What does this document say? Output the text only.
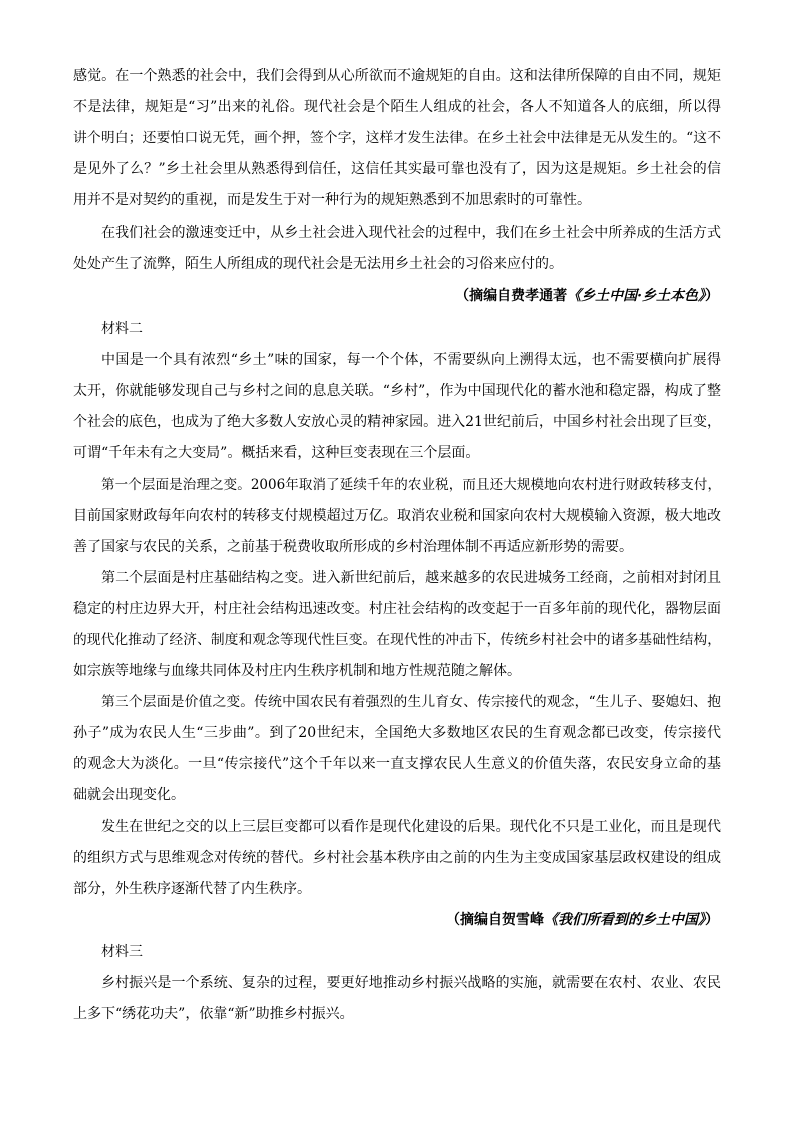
感觉。在一个熟悉的社会中，我们会得到从心所欲而不逾规矩的自由。这和法律所保障的自由不同，规矩
不是法律，规矩是“习”出来的礼俗。现代社会是个陌生人组成的社会，各人不知道各人的底细，所以得
讲个明白；还要怕口说无凭，画个押，签个字，这样才发生法律。在乡土社会中法律是无从发生的。“这不
是见外了么？”乡土社会里从熟悉得到信任，这信任其实最可靠也没有了，因为这是规矩。乡土社会的信
用并不是对契约的重视，而是发生于对一种行为的规矩熟悉到不加思索时的可靠性。
在我们社会的激速变迁中，从乡土社会进入现代社会的过程中，我们在乡土社会中所养成的生活方式
处处产生了流弊，陌生人所组成的现代社会是无法用乡土社会的习俗来应付的。
（摘编自费孝通著《乡土中国·乡土本色》）
材料二
中国是一个具有浓烈“乡土”味的国家，每一个个体，不需要纵向上溯得太远，也不需要横向扩展得
太开，你就能够发现自己与乡村之间的息息关联。“乡村”，作为中国现代化的蓄水池和稳定器，构成了整
个社会的底色，也成为了绝大多数人安放心灵的精神家园。进入21世纪前后，中国乡村社会出现了巨变，
可谓“千年未有之大变局”。概括来看，这种巨变表现在三个层面。
第一个层面是治理之变。2006年取消了延续千年的农业税，而且还大规模地向农村进行财政转移支付，
目前国家财政每年向农村的转移支付规模超过万亿。取消农业税和国家向农村大规模输入资源，极大地改
善了国家与农民的关系，之前基于税费收取所形成的乡村治理体制不再适应新形势的需要。
第二个层面是村庄基础结构之变。进入新世纪前后，越来越多的农民进城务工经商，之前相对封闭且
稳定的村庄边界大开，村庄社会结构迅速改变。村庄社会结构的改变起于一百多年前的现代化，器物层面
的现代化推动了经济、制度和观念等现代性巨变。在现代性的冲击下，传统乡村社会中的诸多基础性结构，
如宗族等地缘与血缘共同体及村庄内生秩序机制和地方性规范随之解体。
第三个层面是价值之变。传统中国农民有着强烈的生儿育女、传宗接代的观念，“生儿子、娶媳妇、抱
孙子”成为农民人生“三步曲”。到了20世纪末，全国绝大多数地区农民的生育观念都已改变，传宗接代
的观念大为淡化。一旦“传宗接代”这个千年以来一直支撑农民人生意义的价值失落，农民安身立命的基
础就会出现变化。
发生在世纪之交的以上三层巨变都可以看作是现代化建设的后果。现代化不只是工业化，而且是现代
的组织方式与思维观念对传统的替代。乡村社会基本秩序由之前的内生为主变成国家基层政权建设的组成
部分，外生秩序逐渐代替了内生秩序。
（摘编自贺雪峰《我们所看到的乡土中国》）
材料三
乡村振兴是一个系统、复杂的过程，要更好地推动乡村振兴战略的实施，就需要在农村、农业、农民
上多下“绣花功夫”，依靠“新”助推乡村振兴。
